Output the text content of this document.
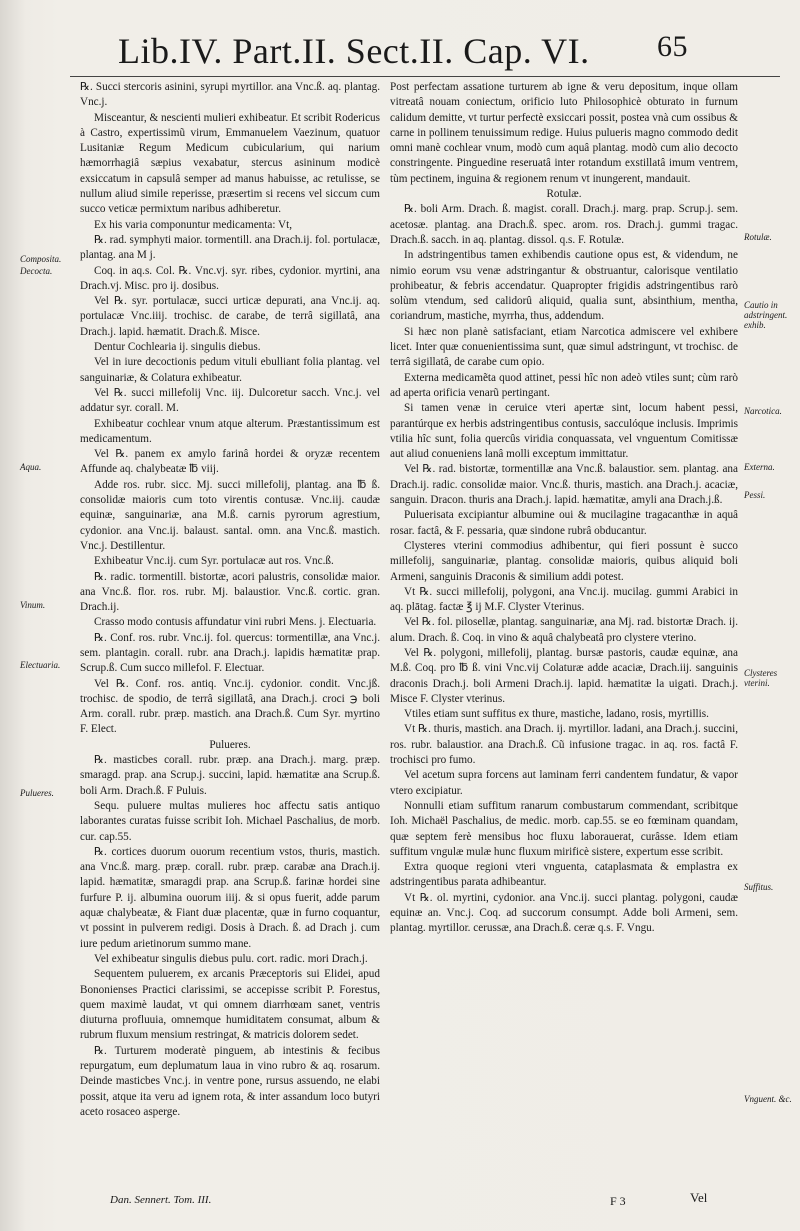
Lib.IV. Part.II. Sect.II. Cap. VI. 65

℞. Succi stercoris asinini, syrupi myrtillor. ana Vnc.ß. aq. plantag. Vnc.j.

Misceantur, & nescienti mulieri exhibeatur. Et scribit Rodericus à Castro, expertissimũ virum, Emmanuelem Vaezinum, quatuor Lusitaniæ Regum Medicum cubicularium, qui narium hæmorrhagiâ sæpius vexabatur, stercus asininum modicè exsiccatum in capsulâ semper ad manus habuisse, ac retulisse, se nullum aliud simile reperisse, præsertim si recens vel siccum cum succo veticæ permixtum naribus adhiberetur.

Ex his varia componuntur medicamenta: Vt,

℞. rad. symphyti maior. tormentill. ana Drach.ij. fol. portulacæ, plantag. ana M j.

Coq. in aq.s. Col. ℞. Vnc.vj. syr. ribes, cydonior. myrtini, ana Drach.vj. Misc. pro ij. dosibus.

Vel ℞. syr. portulacæ, succi urticæ depurati, ana Vnc.ij. aq. portulacæ Vnc.iiij. trochisc. de carabe, de terrâ sigillatâ, ana Drach.j. lapid. hæmatit. Drach.ß. Misce.

Dentur Cochlearia ij. singulis diebus.

Vel in iure decoctionis pedum vituli ebulliant folia plantag. vel sanguinariæ, & Colatura exhibeatur.

Vel ℞. succi millefolij Vnc. iij. Dulcoretur sacch. Vnc.j. vel addatur syr. corall. M.

Exhibeatur cochlear vnum atque alterum. Præstantissimum est medicamentum.

Vel ℞. panem ex amylo farinâ hordei & oryzæ recentem Affunde aq. chalybeatæ ℔ viij.

Adde ros. rubr. sicc. Mj. succi millefolij, plantag. ana ℔ ß. consolidæ maioris cum toto virentis contusæ. Vnc.iij. caudæ equinæ, sanguinariæ, ana M.ß. carnis pyrorum agrestium, cydonior. ana Vnc.ij. balaust. santal. omn. ana Vnc.ß. mastich. Vnc.j. Destillentur.

Exhibeatur Vnc.ij. cum Syr. portulacæ aut ros. Vnc.ß.

℞. radic. tormentill. bistortæ, acori palustris, consolidæ maior. ana Vnc.ß. flor. ros. rubr. Mj. balaustior. Vnc.ß. cortic. gran. Drach.ij.

Crasso modo contusis affundatur vini rubri Mens. j. Electuaria.

℞. Conf. ros. rubr. Vnc.ij. fol. quercus: tormentillæ, ana Vnc.j. sem. plantagin. corall. rubr. ana Drach.j. lapidis hæmatitæ prap. Scrup.ß. Cum succo millefol. F. Electuar.

Vel ℞. Conf. ros. antiq. Vnc.ij. cydonior. condit. Vnc.jß. trochisc. de spodio, de terrâ sigillatâ, ana Drach.j. croci ℈ boli Arm. corall. rubr. præp. mastich. ana Drach.ß. Cum Syr. myrtino F. Elect.

Pulueres.

℞. masticbes corall. rubr. præp. ana Drach.j. marg. præp. smaragd. prap. ana Scrup.j. succini, lapid. hæmatitæ ana Scrup.ß. boli Arm. Drach.ß. F Puluis.

Sequ. puluere multas mulieres hoc affectu satis antiquo laborantes curatas fuisse scribit Ioh. Michael Paschalius, de morb. cur. cap.55.

℞. cortices duorum ouorum recentium vstos, thuris, mastich. ana Vnc.ß. marg. præp. corall. rubr. præp. carabæ ana Drach.ij. lapid. hæmatitæ, smaragdi prap. ana Scrup.ß. farinæ hordei sine furfure P. ij. albumina ouorum iiij. & si opus fuerit, adde parum aquæ chalybeatæ, & Fiant duæ placentæ, quæ in furno coquantur, vt possint in pulverem redigi. Dosis à Drach. ß. ad Drach j. cum iure pedum arietinorum summo mane.

Vel exhibeatur singulis diebus pulu. cort. radic. mori Drach.j.

Sequentem puluerem, ex arcanis Præceptoris sui Elidei, apud Bononienses Practici clarissimi, se accepisse scribit P. Forestus, quem maximè laudat, vt qui omnem diarrhœam sanet, ventris diuturna profluuia, omnemque humiditatem consumat, album & rubrum fluxum mensium restringat, & matricis dolorem sedet.

℞. Turturem moderatè pinguem, ab intestinis & fecibus repurgatum, eum deplumatum laua in vino rubro & aq. rosarum. Deinde masticbes Vnc.j. in ventre pone, rursus assuendo, ne elabi possit, atque ita veru ad ignem rota, & inter assandum loco butyri aceto rosaceo asperge.

Post perfectam assatione turturem ab igne & veru depositum, inque ollam vitreatâ nouam coniectum, orificio luto Philosophicè obturato in furnum calidum demitte, vt turtur perfectè exsiccari possit, postea vnà cum ossibus & carne in pollinem tenuissimum redige. Huius pulueris magno commodo dedit omni manè cochlear vnum, modò cum aquâ plantag. modò cum alio decocto constringente. Pinguedine reseruatâ inter rotandum exstillatâ imum ventrem, tùm pectinem, inguina & regionem renum vt inungerent, mandauit.

Rotulæ.

℞. boli Arm. Drach. ß. magist. corall. Drach.j. marg. prap. Scrup.j. sem. acetosæ. plantag. ana Drach.ß. spec. arom. ros. Drach.j. gummi tragac. Drach.ß. sacch. in aq. plantag. dissol. q.s. F. Rotulæ.

In adstringentibus tamen exhibendis cautione opus est, & videndum, ne nimio eorum vsu venæ adstringantur & obstruantur, calorisque ventilatio prohibeatur, & febris accendatur. Quapropter frigidis adstringentibus rarò solùm vtendum, sed calidorû aliquid, qualia sunt, absinthium, mentha, coriandrum, mastiche, myrrha, thus, addendum.

Si hæc non planè satisfaciant, etiam Narcotica admiscere vel exhibere licet. Inter quæ conuenientissima sunt, quæ simul adstringunt, vt trochisc. de terrâ sigillatâ, de carabe cum opio.

Externa medicamẽta quod attinet, pessi hîc non adeò vtiles sunt; cùm rarò ad aperta orificia venarũ pertingant.

Si tamen venæ in ceruice vteri apertæ sint, locum habent pessi, parantúrque ex herbis adstringentibus contusis, sacculóque inclusis. Imprimis vtilia hîc sunt, folia quercûs viridia conquassata, vel vnguentum Comitissæ aut aliud conueniens lanâ molli exceptum immittatur.

Vel ℞. rad. bistortæ, tormentillæ ana Vnc.ß. balaustior. sem. plantag. ana Drach.ij. radic. consolidæ maior. Vnc.ß. thuris, mastich. ana Drach.j. acaciæ, sanguin. Dracon. thuris ana Drach.j. lapid. hæmatitæ, amyli ana Drach.j.ß.

Puluerisata excipiantur albumine oui & mucilagine tragacanthæ in aquâ rosar. factâ, & F. pessaria, quæ sindone rubrâ obducantur.

Clysteres vterini commodius adhibentur, qui fieri possunt è succo millefolij, sanguinariæ, plantag. consolidæ maioris, quibus aliquid boli Armeni, sanguinis Draconis & similium addi potest.

Vt ℞. succi millefolij, polygoni, ana Vnc.ij. mucilag. gummi Arabici in aq. plātag. factæ ℥ ij M.F. Clyster Vterinus.

Vel ℞. fol. pilosellæ, plantag. sanguinariæ, ana Mj. rad. bistortæ Drach. ij. alum. Drach. ß. Coq. in vino & aquâ chalybeatâ pro clystere vterino.

Vel ℞. polygoni, millefolij, plantag. bursæ pastoris, caudæ equinæ, ana M.ß. Coq. pro ℔ ß. vini Vnc.vij Colaturæ adde acaciæ, Drach.iij. sanguinis draconis Drach.j. boli Armeni Drach.ij. lapid. hæmatitæ la uigati. Drach.j. Misce F. Clyster vterinus.

Vtiles etiam sunt suffitus ex thure, mastiche, ladano, rosis, myrtillis.

Vt ℞. thuris, mastich. ana Drach. ij. myrtillor. ladani, ana Drach.j. succini, ros. rubr. balaustior. ana Drach.ß. Cũ infusione tragac. in aq. ros. factâ F. trochisci pro fumo.

Vel acetum supra forcens aut laminam ferri candentem fundatur, & vapor vtero excipiatur.

Nonnulli etiam suffitum ranarum combustarum commendant, scribitque Ioh. Michaël Paschalius, de medic. morb. cap.55. se eo fœminam quandam, quæ septem ferè mensibus hoc fluxu laborauerat, curâsse. Idem etiam suffitum vngulæ mulæ hunc fluxum mirificè sistere, expertum esse scribit.

Extra quoque regioni vteri vnguenta, cataplasmata & emplastra ex adstringentibus parata adhibeantur.

Vt ℞. ol. myrtini, cydonior. ana Vnc.ij. succi plantag. polygoni, caudæ equinæ an. Vnc.j. Coq. ad succorum consumpt. Adde boli Armeni, sem. plantag. myrtillor. cerussæ, ana Drach.ß. ceræ q.s. F. Vngu.

Composita.
Decocta.
Aqua.
Vinum.
Electuaria.
Pulueres.
Rotulæ.
Cautio in adstringent. exhib.
Narcotica.
Externa.
Pessi.
Clysteres vterini.
Suffitus.
Vnguent. &c.
Dan. Sennert. Tom. III.	F 3	Vel
